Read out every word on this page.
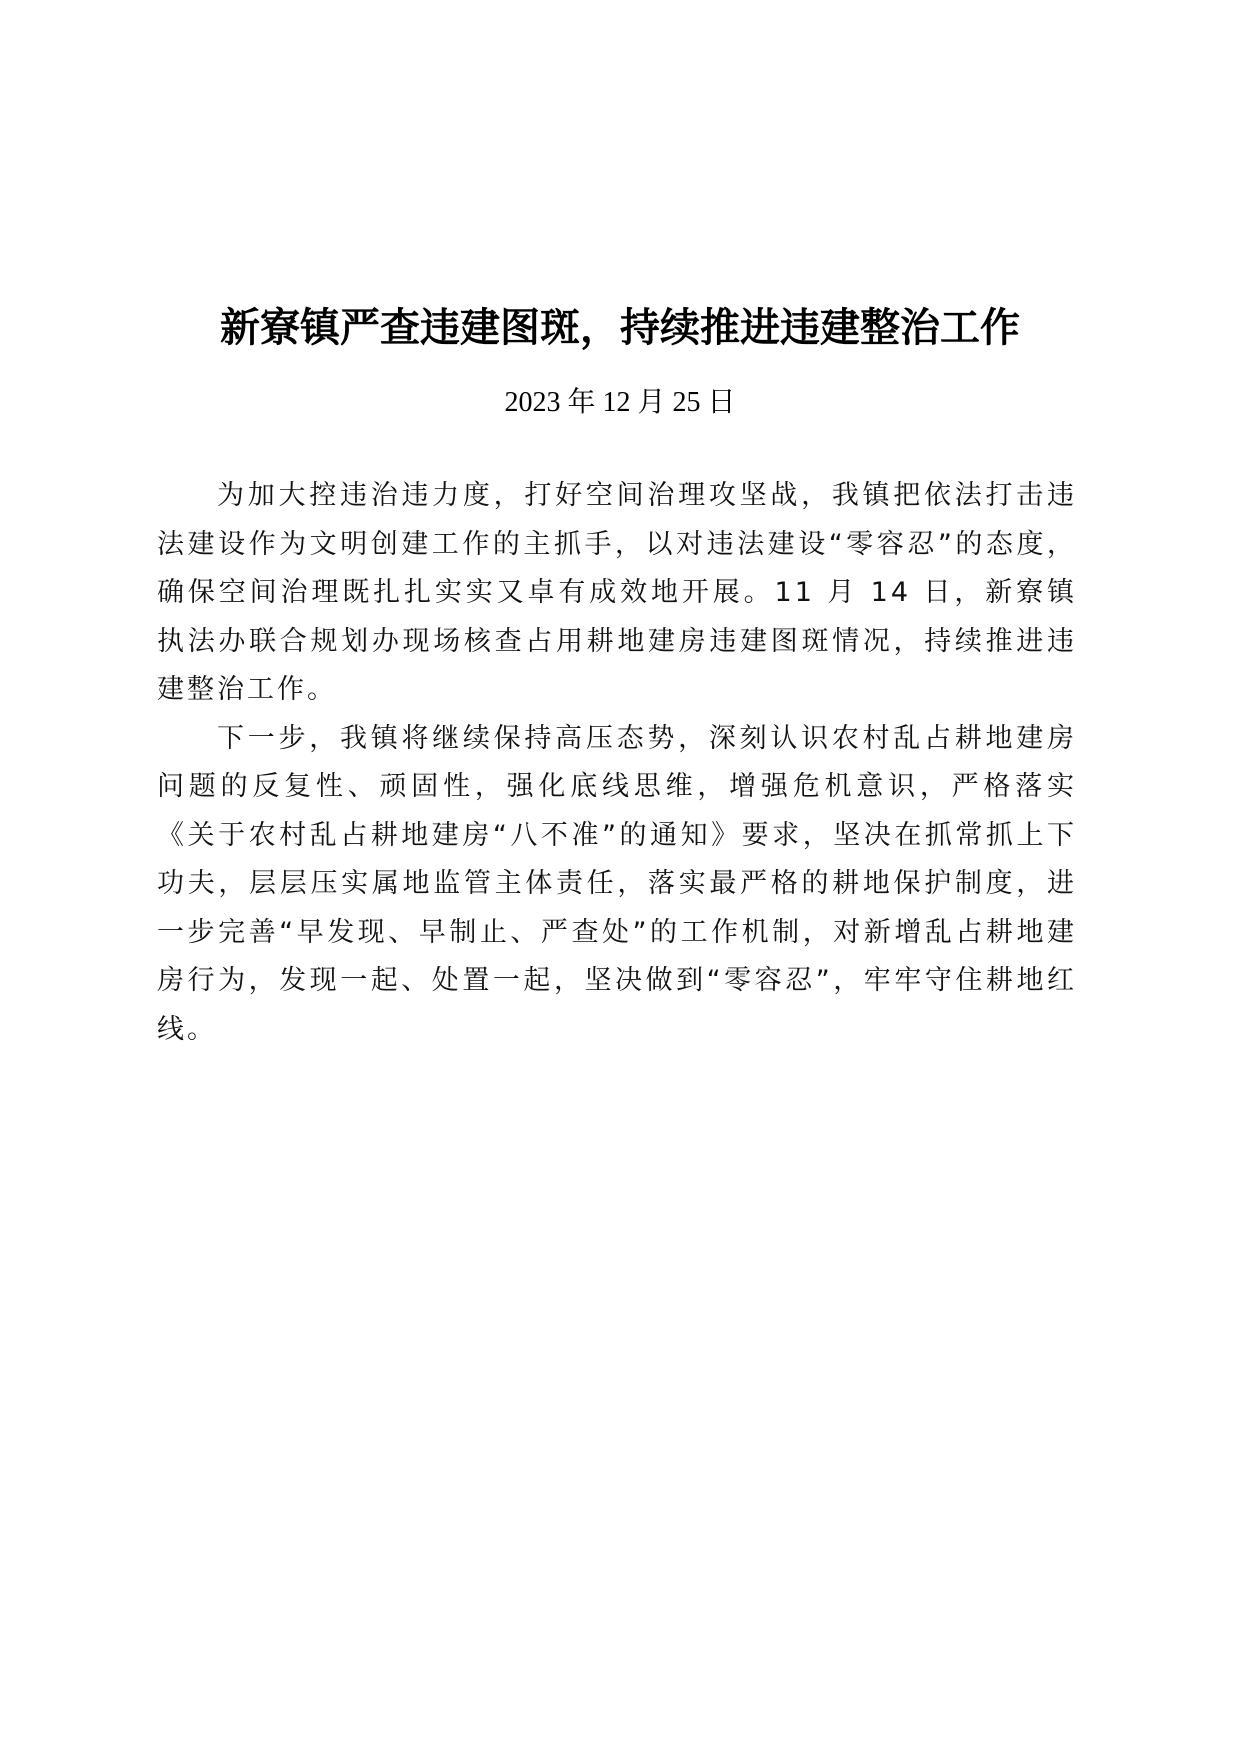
新寮镇严查违建图斑，持续推进违建整治工作
2023 年 12 月 25 日

为加大控违治违力度，打好空间治理攻坚战，我镇把依法打击违法建设作为文明创建工作的主抓手，以对违法建设“零容忍”的态度，确保空间治理既扎扎实实又卓有成效地开展。11 月 14 日，新寮镇执法办联合规划办现场核查占用耕地建房违建图斑情况，持续推进违建整治工作。

下一步，我镇将继续保持高压态势，深刻认识农村乱占耕地建房问题的反复性、顽固性，强化底线思维，增强危机意识，严格落实《关于农村乱占耕地建房“八不准”的通知》要求，坚决在抓常抓上下功夫，层层压实属地监管主体责任，落实最严格的耕地保护制度，进一步完善“早发现、早制止、严查处”的工作机制，对新增乱占耕地建房行为，发现一起、处置一起，坚决做到“零容忍”，牢牢守住耕地红线。
